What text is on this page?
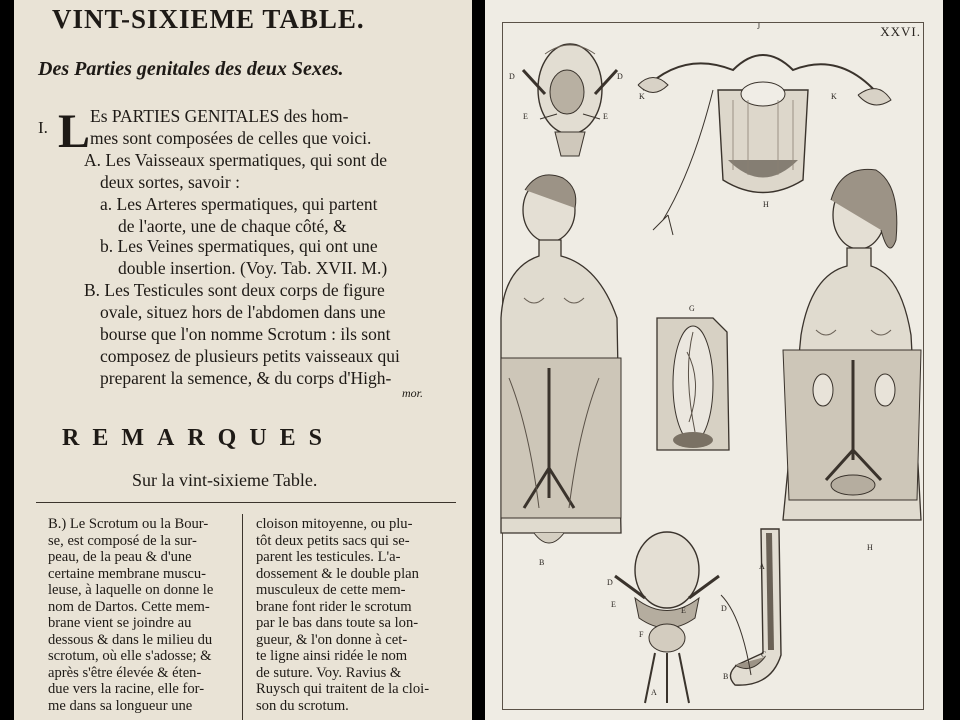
VINT-SIXIEME TABLE.
Des Parties genitales des deux Sexes.
I. L Es PARTIES GENITALES des hom-
mes sont composées de celles que voici.
A. Les Vaisseaux spermatiques, qui sont de
deux sortes, savoir :
a. Les Arteres spermatiques, qui partent
de l'aorte, une de chaque côté, &
b. Les Veines spermatiques, qui ont une
double insertion. (Voy. Tab. XVII. M.)
B. Les Testicules sont deux corps de figure
ovale, situez hors de l'abdomen dans une
bourse que l'on nomme Scrotum : ils sont
composez de plusieurs petits vaisseaux qui
preparent la semence, & du corps d'High-
mor.
REMARQUES
Sur la vint-sixieme Table.
B.) Le Scrotum ou la Bour-
se, est composé de la sur-
peau, de la peau & d'une
certaine membrane muscu-
leuse, à laquelle on donne le
nom de Dartos. Cette mem-
brane vient se joindre au
dessous & dans le milieu du
scrotum, où elle s'adosse; &
après s'être élevée & éten-
due vers la racine, elle for-
me dans sa longueur une
cloison mitoyenne, ou plu-
tôt deux petits sacs qui se-
parent les testicules. L'a-
dossement & le double plan
musculeux de cette mem-
brane font rider le scrotum
par le bas dans toute sa lon-
gueur, & l'on donne à cet-
te ligne ainsi ridée le nom
de suture. Voy. Ravius &
Ruysch qui traitent de la cloi-
son du scrotum.
XXVI.
D	D
E	E
J
K	K
H
B
G
H
D
E
E
F
A
D
A
C
B
